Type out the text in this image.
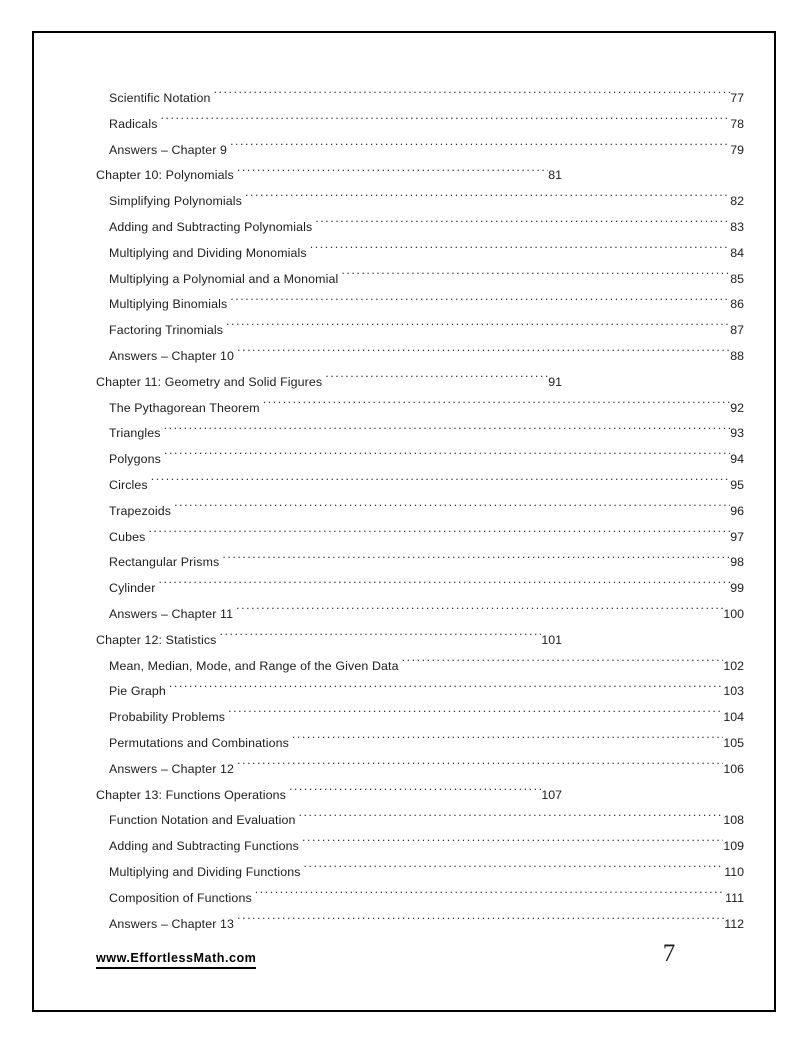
Scientific Notation .....	77
Radicals .....	78
Answers – Chapter 9 .....	79
Chapter 10: Polynomials .....	81
Simplifying Polynomials .....	82
Adding and Subtracting Polynomials .....	83
Multiplying and Dividing Monomials .....	84
Multiplying a Polynomial and a Monomial .....	85
Multiplying Binomials .....	86
Factoring Trinomials .....	87
Answers – Chapter 10 .....	88
Chapter 11: Geometry and Solid Figures .....	91
The Pythagorean Theorem .....	92
Triangles .....	93
Polygons .....	94
Circles .....	95
Trapezoids .....	96
Cubes .....	97
Rectangular Prisms .....	98
Cylinder .....	99
Answers – Chapter 11 .....	100
Chapter 12: Statistics .....	101
Mean, Median, Mode, and Range of the Given Data .....	102
Pie Graph .....	103
Probability Problems .....	104
Permutations and Combinations .....	105
Answers – Chapter 12 .....	106
Chapter 13: Functions Operations .....	107
Function Notation and Evaluation .....	108
Adding and Subtracting Functions .....	109
Multiplying and Dividing Functions .....	110
Composition of Functions .....	111
Answers – Chapter 13 .....	112
www.EffortlessMath.com	7
